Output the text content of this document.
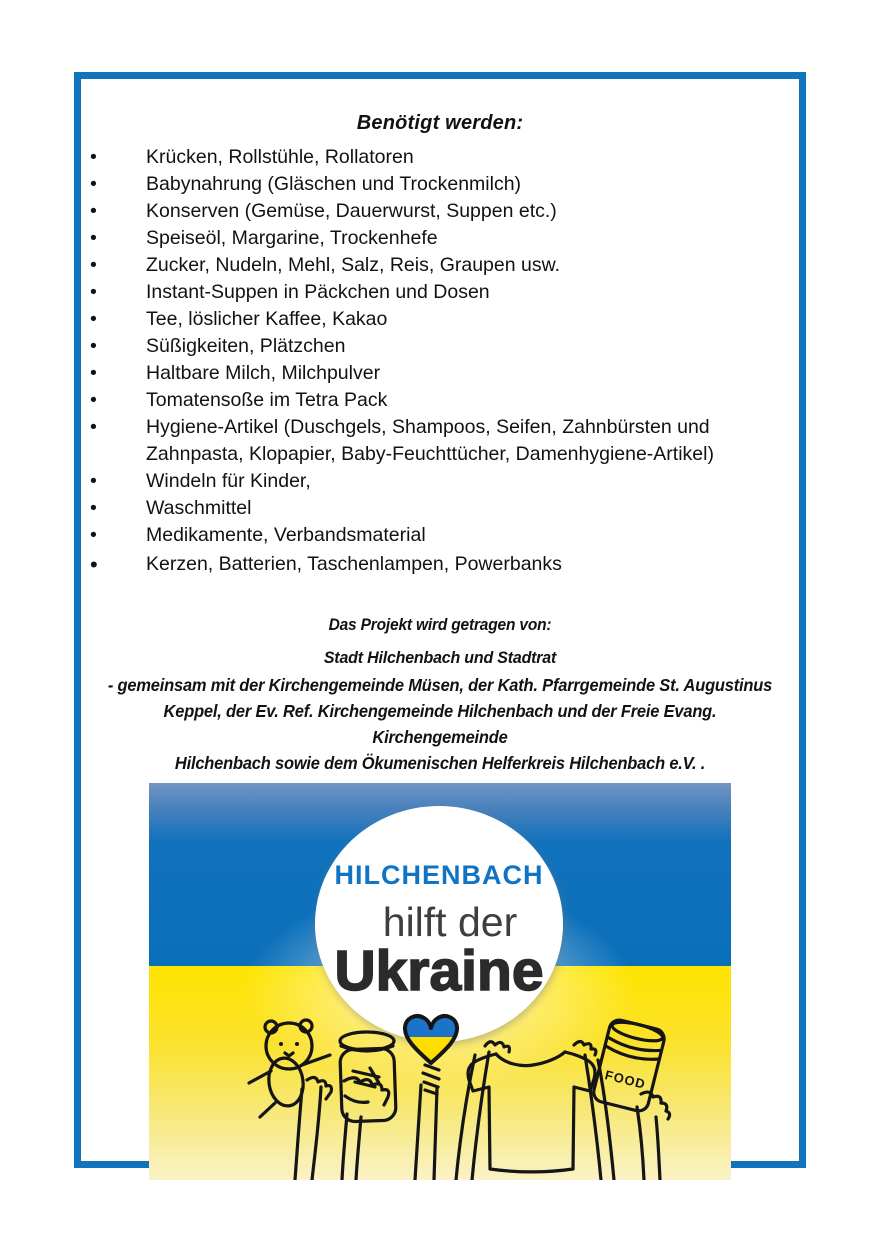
Benötigt werden:
•	Krücken, Rollstühle, Rollatoren
•	Babynahrung (Gläschen und Trockenmilch)
•	Konserven (Gemüse, Dauerwurst, Suppen etc.)
•	Speiseöl, Margarine, Trockenhefe
•	Zucker, Nudeln, Mehl, Salz, Reis, Graupen usw.
•	Instant-Suppen in Päckchen und Dosen
•	Tee, löslicher Kaffee, Kakao
•	Süßigkeiten, Plätzchen
•	Haltbare Milch, Milchpulver
•	Tomatensoße im Tetra Pack
•	Hygiene-Artikel (Duschgels, Shampoos, Seifen, Zahnbürsten und Zahnpasta, Klopapier, Baby-Feuchttücher, Damenhygiene-Artikel)
•	Windeln für Kinder,
•	Waschmittel
•	Medikamente, Verbandsmaterial
•	Kerzen, Batterien, Taschenlampen, Powerbanks
Das Projekt wird getragen von:
Stadt Hilchenbach und Stadtrat
- gemeinsam mit der Kirchengemeinde Müsen, der Kath. Pfarrgemeinde St. Augustinus
Keppel, der Ev. Ref. Kirchengemeinde Hilchenbach und der Freie Evang. Kirchengemeinde
Hilchenbach sowie dem Ökumenischen Helferkreis Hilchenbach e.V. .
HILCHENBACH
hilft der
Ukraine
FOOD
